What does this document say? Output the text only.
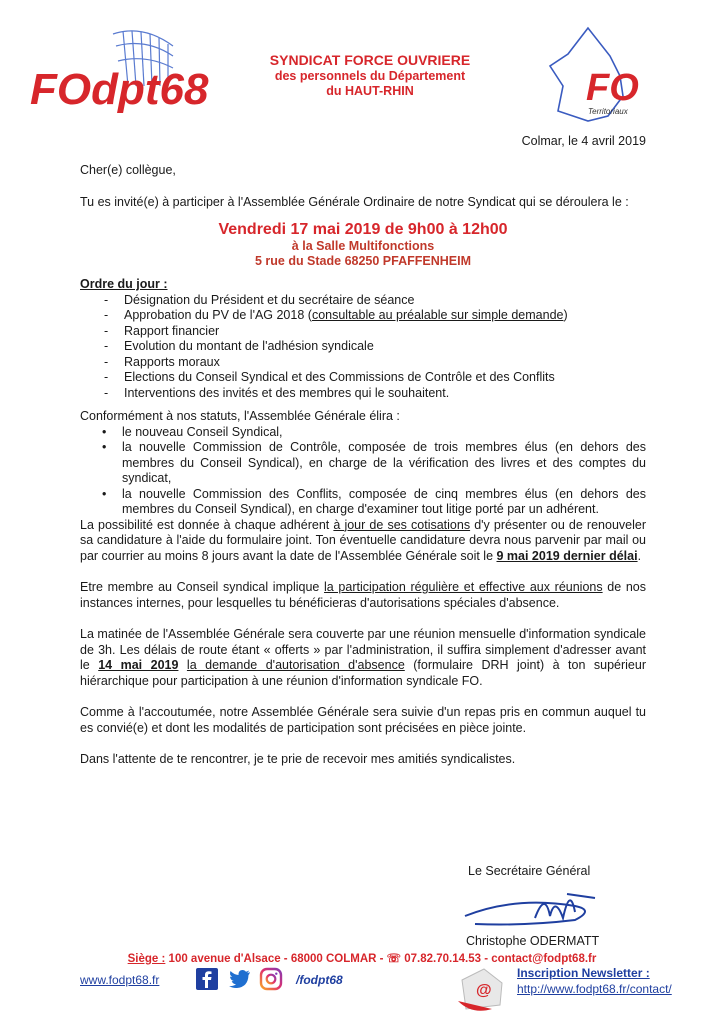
FOdpt68
SYNDICAT FORCE OUVRIERE
des personnels du Département
du HAUT-RHIN	FO
Territoriaux
Colmar, le 4 avril 2019

Cher(e) collègue,

Tu es invité(e) à participer à l'Assemblée Générale Ordinaire de notre Syndicat qui se déroulera le :

Vendredi 17 mai 2019 de 9h00 à 12h00
à la Salle Multifonctions
5 rue du Stade 68250 PFAFFENHEIM
Ordre du jour :
- Désignation du Président et du secrétaire de séance
- Approbation du PV de l'AG 2018 (consultable au préalable sur simple demande)
- Rapport financier
- Evolution du montant de l'adhésion syndicale
- Rapports moraux
- Elections du Conseil Syndical et des Commissions de Contrôle et des Conflits
- Interventions des invités et des membres qui le souhaitent.

Conformément à nos statuts, l'Assemblée Générale élira :

• le nouveau Conseil Syndical,
• la nouvelle Commission de Contrôle, composée de trois membres élus (en dehors des membres du Conseil Syndical), en charge de la vérification des livres et des comptes du syndicat,
• la nouvelle Commission des Conflits, composée de cinq membres élus (en dehors des membres du Conseil Syndical), en charge d'examiner tout litige porté par un adhérent.

La possibilité est donnée à chaque adhérent à jour de ses cotisations d'y présenter ou de renouveler sa candidature à l'aide du formulaire joint. Ton éventuelle candidature devra nous parvenir par mail ou par courrier au moins 8 jours avant la date de l'Assemblée Générale soit le 9 mai 2019 dernier délai.

Etre membre au Conseil syndical implique la participation régulière et effective aux réunions de nos instances internes, pour lesquelles tu bénéficieras d'autorisations spéciales d'absence.

La matinée de l'Assemblée Générale sera couverte par une réunion mensuelle d'information syndicale de 3h. Les délais de route étant « offerts » par l'administration, il suffira simplement d'adresser avant le 14 mai 2019 la demande d'autorisation d'absence (formulaire DRH joint) à ton supérieur hiérarchique pour participation à une réunion d'information syndicale FO.

Comme à l'accoutumée, notre Assemblée Générale sera suivie d'un repas pris en commun auquel tu es convié(e) et dont les modalités de participation sont précisées en pièce jointe.

Dans l'attente de te rencontrer, je te prie de recevoir mes amitiés syndicalistes.

Le Secrétaire Général
Christophe ODERMATT
Siège : 100 avenue d'Alsace - 68000 COLMAR - ☏ 07.82.70.14.53 - contact@fodpt68.fr
www.fodpt68.fr	/fodpt68
@
Inscription Newsletter :
http://www.fodpt68.fr/contact/
